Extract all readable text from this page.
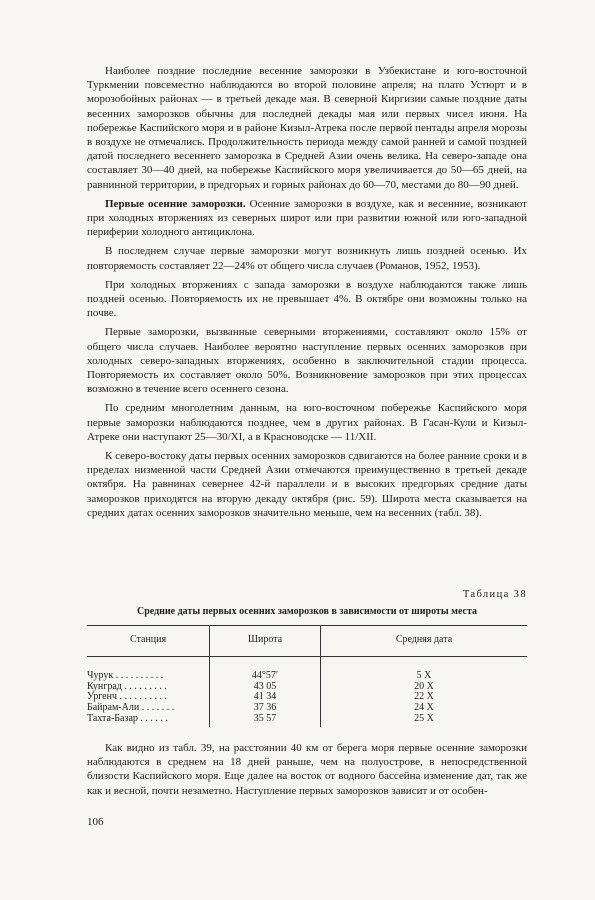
Наиболее поздние последние весенние заморозки в Узбекистане и юго-восточной Туркмении повсеместно наблюдаются во второй половине апреля; на плато Устюрт и в морозобойных районах — в третьей декаде мая. В северной Киргизии самые поздние даты весенних заморозков обычны для последней декады мая или первых чисел июня. На побережье Каспийского моря и в районе Кизыл-Атрека после первой пентады апреля морозы в воздухе не отмечались. Продолжительность периода между самой ранней и самой поздней датой последнего весеннего заморозка в Средней Азии очень велика. На северо-западе она составляет 30—40 дней, на побережье Каспийского моря увеличивается до 50—65 дней, на равнинной территории, в предгорьях и горных районах до 60—70, местами до 80—90 дней.

Первые осенние заморозки. Осенние заморозки в воздухе, как и весенние, возникают при холодных вторжениях из северных широт или при развитии южной или юго-западной периферии холодного антициклона.

В последнем случае первые заморозки могут возникнуть лишь поздней осенью. Их повторяемость составляет 22—24% от общего числа случаев (Романов, 1952, 1953).

При холодных вторжениях с запада заморозки в воздухе наблюдаются также лишь поздней осенью. Повторяемость их не превышает 4%. В октябре они возможны только на почве.

Первые заморозки, вызванные северными вторжениями, составляют около 15% от общего числа случаев. Наиболее вероятно наступление первых осенних заморозков при холодных северо-западных вторжениях, особенно в заключительной стадии процесса. Повторяемость их составляет около 50%. Возникновение заморозков при этих процессах возможно в течение всего осеннего сезона.

По средним многолетним данным, на юго-восточном побережье Каспийского моря первые заморозки наблюдаются позднее, чем в других районах. В Гасан-Кули и Кизыл-Атреке они наступают 25—30/XI, а в Красноводске — 11/XII.

К северо-востоку даты первых осенних заморозков сдвигаются на более ранние сроки и в пределах низменной части Средней Азии отмечаются преимущественно в третьей декаде октября. На равнинах севернее 42-й параллели и в высоких предгорьях средние даты заморозков приходятся на вторую декаду октября (рис. 59). Широта места сказывается на средних датах осенних заморозков значительно меньше, чем на весенних (табл. 38).

Таблица 38
Средние даты первых осенних заморозков в зависимости от широты места
Станция	Широта	Средняя дата
Чурук . . . . . . . . . .	44°57′	5 X
Кунград . . . . . . . . .	43 05	20 X
Ургенч . . . . . . . . . .	41 34	22 X
Байрам-Али . . . . . . .	37 36	24 X
Тахта-Базар . . . . . .	35 57	25 X

Как видно из табл. 39, на расстоянии 40 км от берега моря первые осенние заморозки наблюдаются в среднем на 18 дней раньше, чем на полуострове, в непосредственной близости Каспийского моря. Еще далее на восток от водного бассейна изменение дат, так же как и весной, почти незаметно. Наступление первых заморозков зависит и от особен-

106
